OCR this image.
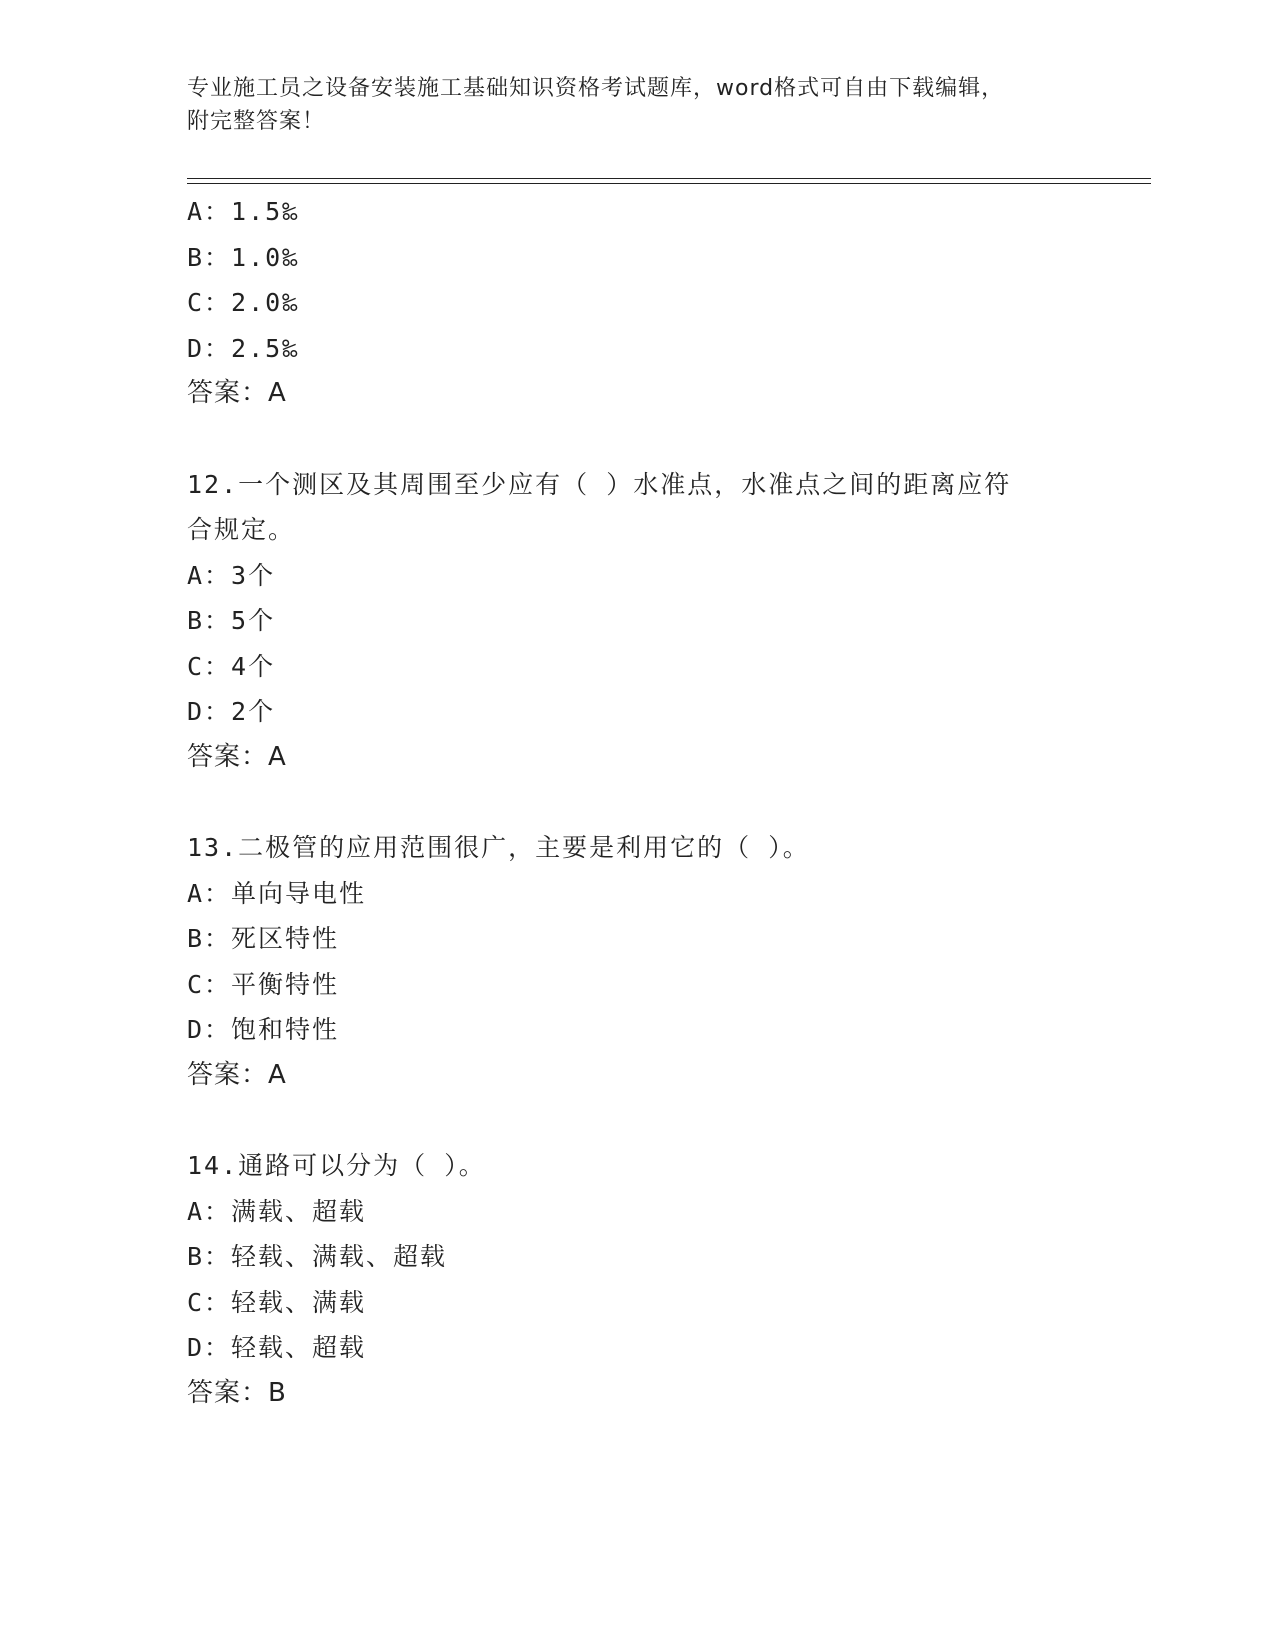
专业施工员之设备安装施工基础知识资格考试题库，word格式可自由下载编辑，
附完整答案！
A：1.5‰
B：1.0‰
C：2.0‰
D：2.5‰
答案：A
12.一个测区及其周围至少应有（ ）水准点，水准点之间的距离应符
合规定。
A：3个
B：5个
C：4个
D：2个
答案：A
13.二极管的应用范围很广，主要是利用它的（ ）。
A：单向导电性
B：死区特性
C：平衡特性
D：饱和特性
答案：A
14.通路可以分为（ ）。
A：满载、超载
B：轻载、满载、超载
C：轻载、满载
D：轻载、超载
答案：B
